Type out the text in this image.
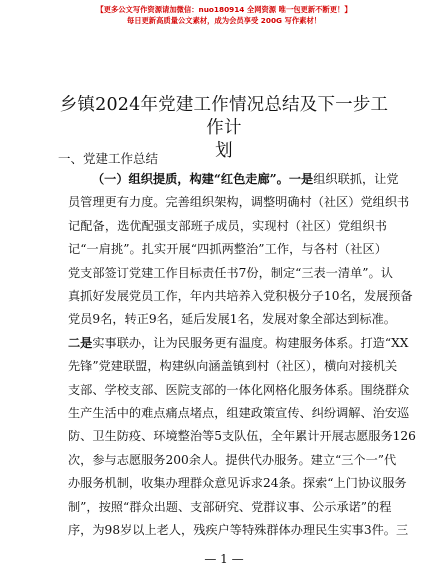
【更多公文写作资源请加微信：nuo180914 全网资源 唯一包更新不断更！】
每日更新高质量公文素材，成为会员享受 200G 写作素材！
乡镇2024年党建工作情况总结及下一步工作计
划
一、党建工作总结
（一）组织提质，构建“红色走廊”。一是组织联抓，让党
员管理更有力度。完善组织架构，调整明确村（社区）党组织书
记配备，选优配强支部班子成员，实现村（社区）党组织书
记“一肩挑”。扎实开展“四抓两整治”工作，与各村（社区）
党支部签订党建工作目标责任书7份，制定“三表一清单”。认
真抓好发展党员工作，年内共培养入党积极分子10名，发展预备
党员9名，转正9名，延后发展1名，发展对象全部达到标准。
二是实事联办，让为民服务更有温度。构建服务体系。打造“XX
先锋”党建联盟，构建纵向涵盖镇到村（社区），横向对接机关
支部、学校支部、医院支部的一体化网格化服务体系。围绕群众
生产生活中的难点痛点堵点，组建政策宣传、纠纷调解、治安巡
防、卫生防疫、环境整治等5支队伍，全年累计开展志愿服务126
次，参与志愿服务200余人。提供代办服务。建立“三个一”代
办服务机制，收集办理群众意见诉求24条。探索“上门协议服务
制”，按照“群众出题、支部研究、党群议事、公示承诺”的程
序，为98岁以上老人，残疾户等特殊群体办理民生实事3件。三
— 1 —
